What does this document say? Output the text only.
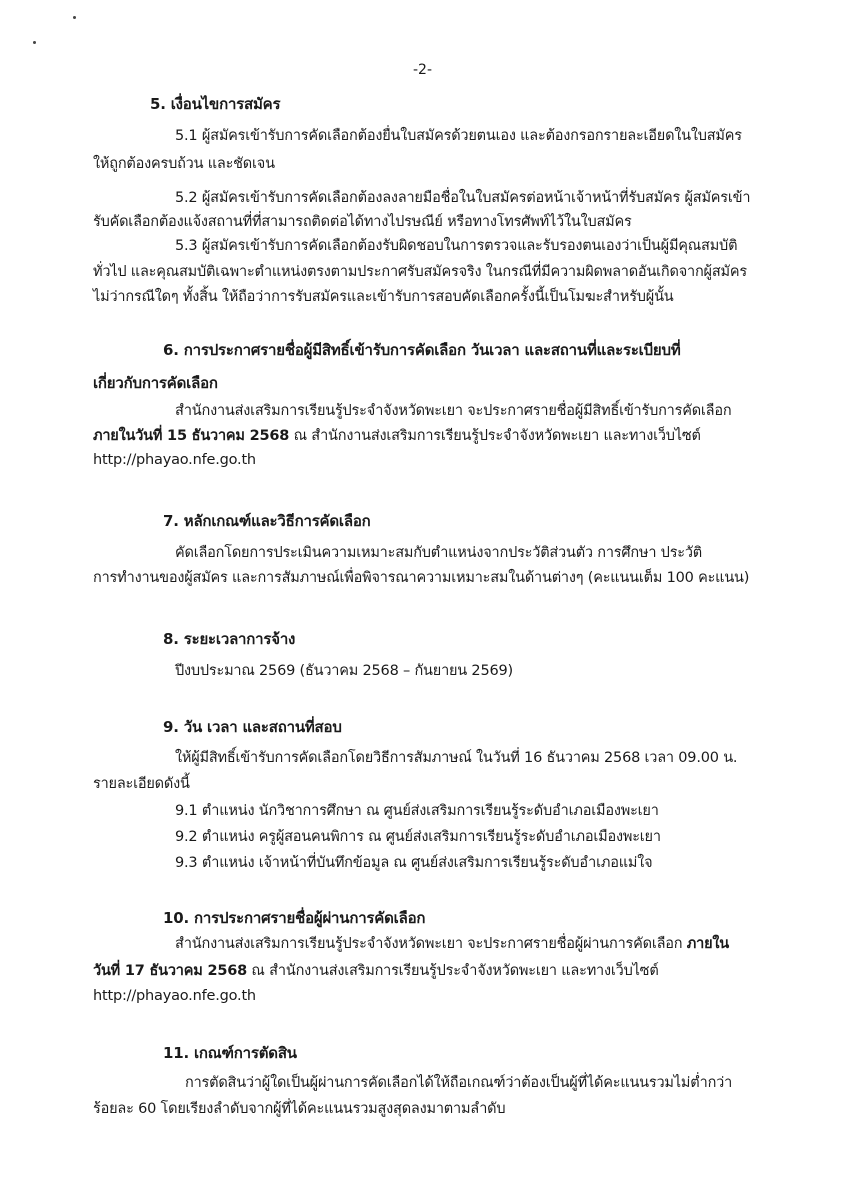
-2-
5. เงื่อนไขการสมัคร
5.1 ผู้สมัครเข้ารับการคัดเลือกต้องยื่นใบสมัครด้วยตนเอง และต้องกรอกรายละเอียดในใบสมัคร
ให้ถูกต้องครบถ้วน และชัดเจน
5.2 ผู้สมัครเข้ารับการคัดเลือกต้องลงลายมือชื่อในใบสมัครต่อหน้าเจ้าหน้าที่รับสมัคร ผู้สมัครเข้า
รับคัดเลือกต้องแจ้งสถานที่ที่สามารถติดต่อได้ทางไปรษณีย์ หรือทางโทรศัพท์ไว้ในใบสมัคร
5.3 ผู้สมัครเข้ารับการคัดเลือกต้องรับผิดชอบในการตรวจและรับรองตนเองว่าเป็นผู้มีคุณสมบัติ
ทั่วไป และคุณสมบัติเฉพาะตำแหน่งตรงตามประกาศรับสมัครจริง ในกรณีที่มีความผิดพลาดอันเกิดจากผู้สมัคร
ไม่ว่ากรณีใดๆ ทั้งสิ้น ให้ถือว่าการรับสมัครและเข้ารับการสอบคัดเลือกครั้งนี้เป็นโมฆะสำหรับผู้นั้น
6. การประกาศรายชื่อผู้มีสิทธิ์เข้ารับการคัดเลือก วันเวลา และสถานที่และระเบียบที่
เกี่ยวกับการคัดเลือก
สำนักงานส่งเสริมการเรียนรู้ประจำจังหวัดพะเยา จะประกาศรายชื่อผู้มีสิทธิ์เข้ารับการคัดเลือก
ภายในวันที่ 15 ธันวาคม 2568 ณ สำนักงานส่งเสริมการเรียนรู้ประจำจังหวัดพะเยา และทางเว็บไซต์
http://phayao.nfe.go.th
7. หลักเกณฑ์และวิธีการคัดเลือก
คัดเลือกโดยการประเมินความเหมาะสมกับตำแหน่งจากประวัติส่วนตัว การศึกษา ประวัติ
การทำงานของผู้สมัคร และการสัมภาษณ์เพื่อพิจารณาความเหมาะสมในด้านต่างๆ (คะแนนเต็ม 100 คะแนน)
8. ระยะเวลาการจ้าง
ปีงบประมาณ 2569 (ธันวาคม 2568 – กันยายน 2569)
9. วัน เวลา และสถานที่สอบ
ให้ผู้มีสิทธิ์เข้ารับการคัดเลือกโดยวิธีการสัมภาษณ์ ในวันที่ 16 ธันวาคม 2568 เวลา 09.00 น.
รายละเอียดดังนี้
9.1 ตำแหน่ง นักวิชาการศึกษา ณ ศูนย์ส่งเสริมการเรียนรู้ระดับอำเภอเมืองพะเยา
9.2 ตำแหน่ง ครูผู้สอนคนพิการ ณ ศูนย์ส่งเสริมการเรียนรู้ระดับอำเภอเมืองพะเยา
9.3 ตำแหน่ง เจ้าหน้าที่บันทึกข้อมูล ณ ศูนย์ส่งเสริมการเรียนรู้ระดับอำเภอแม่ใจ
10. การประกาศรายชื่อผู้ผ่านการคัดเลือก
สำนักงานส่งเสริมการเรียนรู้ประจำจังหวัดพะเยา จะประกาศรายชื่อผู้ผ่านการคัดเลือก ภายใน
วันที่ 17 ธันวาคม 2568 ณ สำนักงานส่งเสริมการเรียนรู้ประจำจังหวัดพะเยา และทางเว็บไซต์
http://phayao.nfe.go.th
11. เกณฑ์การตัดสิน
การตัดสินว่าผู้ใดเป็นผู้ผ่านการคัดเลือกได้ให้ถือเกณฑ์ว่าต้องเป็นผู้ที่ได้คะแนนรวมไม่ต่ำกว่า
ร้อยละ 60 โดยเรียงลำดับจากผู้ที่ได้คะแนนรวมสูงสุดลงมาตามลำดับ
